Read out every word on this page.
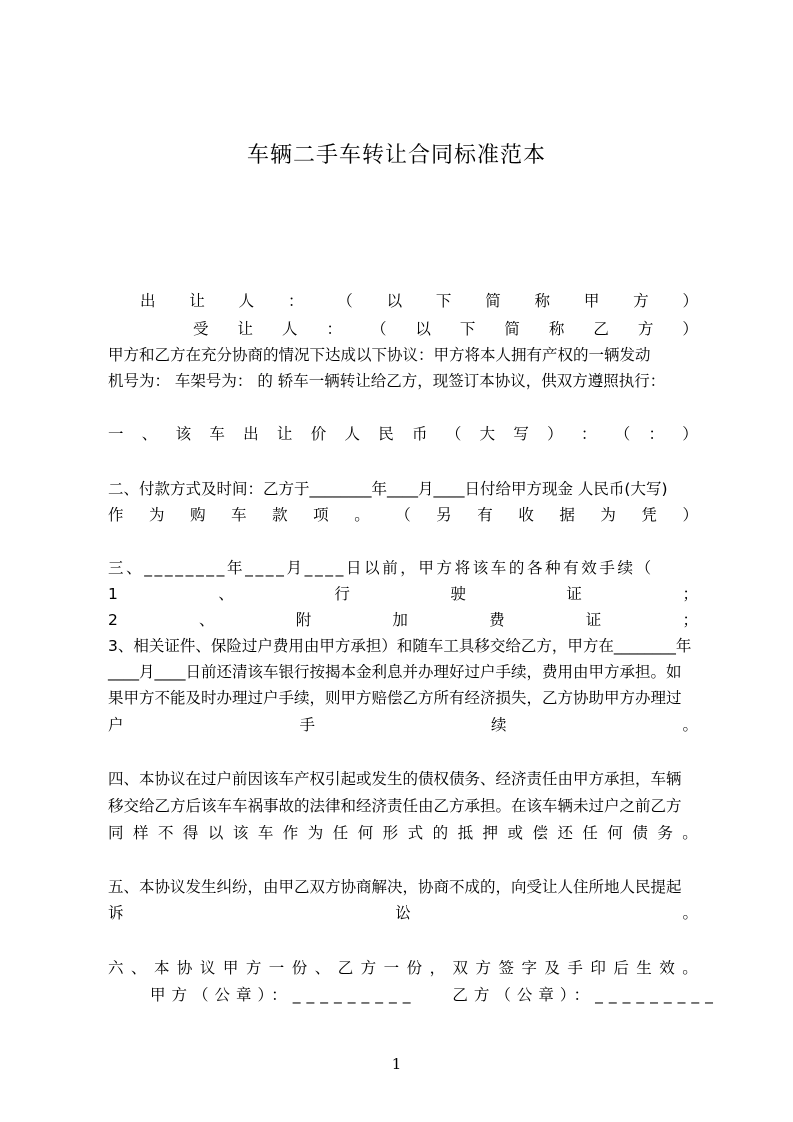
车辆二手车转让合同标准范本
出 让 人 ： （ 以 下 简 称 甲 方 ）
受 让 人 ： （ 以 下 简 称 乙 方 ）
甲方和乙方在充分协商的情况下达成以下协议：甲方将本人拥有产权的一辆发动
机号为： 车架号为： 的 轿车一辆转让给乙方，现签订本协议，供双方遵照执行：
一 、 该 车 出 让 价 人 民 币 （ 大 写 ） ： （ ： ）
二、付款方式及时间：乙方于________年____月____日付给甲方现金 人民币(大写)
作 为 购 车 款 项 。 （ 另 有 收 据 为 凭 ）
三、________年____月____日以前，甲方将该车的各种有效手续（
1	、	行	驶	证	；
2	、	附	加	费	证	；
3、相关证件、保险过户费用由甲方承担）和随车工具移交给乙方，甲方在________年
____月____日前还清该车银行按揭本金利息并办理好过户手续，费用由甲方承担。如
果甲方不能及时办理过户手续，则甲方赔偿乙方所有经济损失，乙方协助甲方办理过
户	手	续	。
四、本协议在过户前因该车产权引起或发生的债权债务、经济责任由甲方承担，车辆
移交给乙方后该车车祸事故的法律和经济责任由乙方承担。在该车辆未过户之前乙方
同 样 不 得 以 该 车 作 为 任 何 形 式 的 抵 押 或 偿 还 任 何 债 务 。
五、本协议发生纠纷，由甲乙双方协商解决，协商不成的，向受让人住所地人民提起
诉	讼	。
六 、 本 协 议 甲 方 一 份 、 乙 方 一 份 ， 双 方 签 字 及 手 印 后 生 效 。
甲方（公章）：_________ 乙方（公章）：_________
1
